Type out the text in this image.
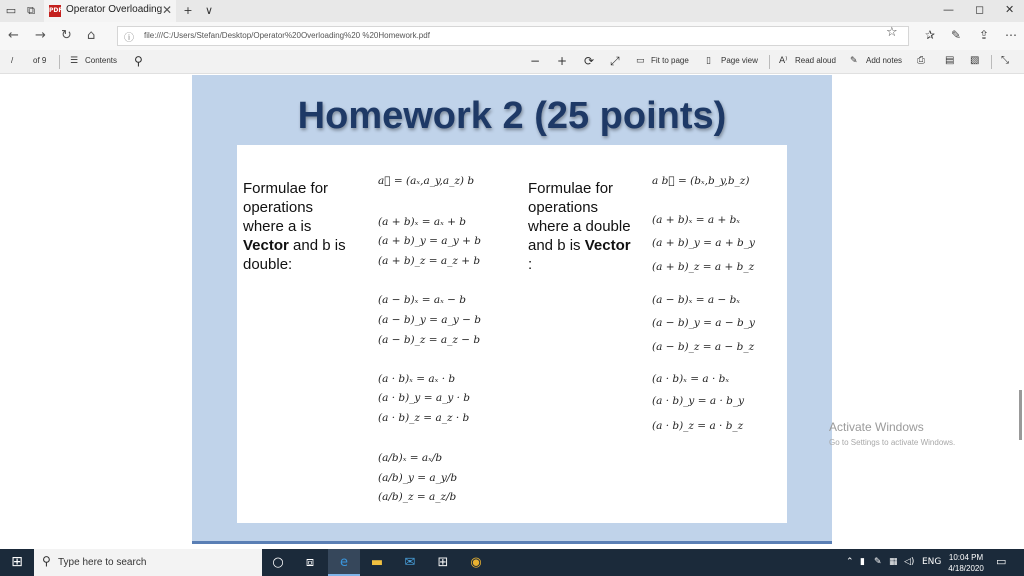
▭ ⧉	PDF Operator Overloading ✕ + ∨	— ◻ ✕
← → ↻ ⌂	ⓘ file:///C:/Users/Stefan/Desktop/Operator%20Overloading%20 %20Homework.pdf	☆ ✰ ✎ ⇪ ⋯
/ of 9	☰ Contents ⚲	− + ⟳ ⤢ ▭ Fit to page ▯ Page view A⁾ Read aloud ✎ Add notes ⎙ ▤ ▧ ⤡
Homework 2 (25 points)
Formulae for
operations
where a is
Vector and b is
double:
a⃗ = (aₓ,a_y,a_z) b
(a + b)ₓ = aₓ + b
(a + b)_y = a_y + b
(a + b)_z = a_z + b
(a − b)ₓ = aₓ − b
(a − b)_y = a_y − b
(a − b)_z = a_z − b
(a · b)ₓ = aₓ · b
(a · b)_y = a_y · b
(a · b)_z = a_z · b
(a/b)ₓ = aₓ/b
(a/b)_y = a_y/b
(a/b)_z = a_z/b
Formulae for
operations
where a double
and b is Vector
:
a b⃗ = (bₓ,b_y,b_z)
(a + b)ₓ = a + bₓ
(a + b)_y = a + b_y
(a + b)_z = a + b_z
(a − b)ₓ = a − bₓ
(a − b)_y = a − b_y
(a − b)_z = a − b_z
(a · b)ₓ = a · bₓ
(a · b)_y = a · b_y
(a · b)_z = a · b_z	Activate Windows
Go to Settings to activate Windows.
⊞	⚲ Type here to search	○	⧈	e	▬	✉	⊞	◉	⌃ ▮ ✎ ▦ ◁) ENG 10:04 PM
4/18/2020
▭
